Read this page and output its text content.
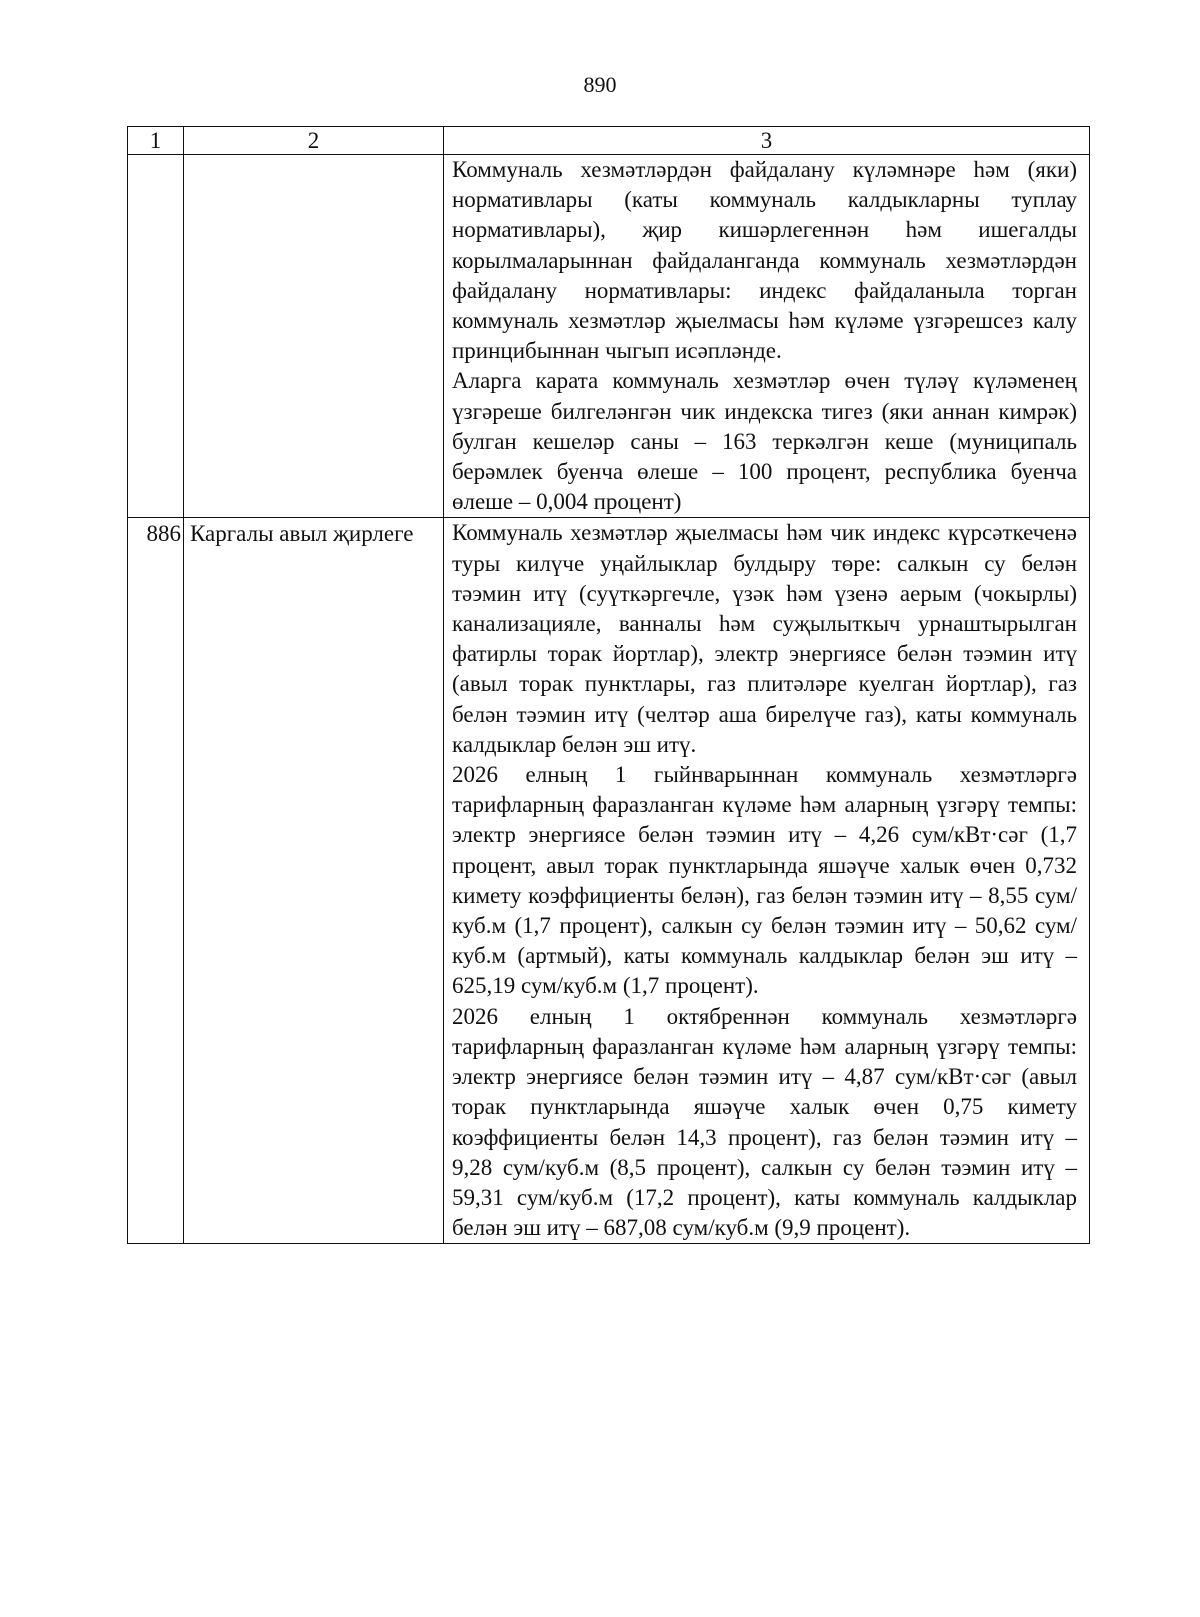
890
1	2	3

		Коммуналь хезмәтләрдән файдалану күләмнәре һәм (яки) нормативлары (каты коммуналь калдыкларны туплау нормативлары), җир кишәрлегеннән һәм ишегалды корылмаларыннан файдаланганда коммуналь хезмәтләрдән файдалану нормативлары: индекс файдаланыла торган коммуналь хезмәтләр җыелмасы һәм күләме үзгәрешсез калу принцибыннан чыгып исәпләнде.

Аларга карата коммуналь хезмәтләр өчен түләү күләменең үзгәреше билгеләнгән чик индекска тигез (яки аннан кимрәк) булган кешеләр саны – 163 теркәлгән кеше (муниципаль берәмлек буенча өлеше – 100 процент, республика буенча өлеше – 0,004 процент)

886	Каргалы авыл җирлеге	Коммуналь хезмәтләр җыелмасы һәм чик индекс күрсәткеченә туры килүче уңайлыклар булдыру төре: салкын су белән тәэмин итү (суүткәргечле, үзәк һәм үзенә аерым (чокырлы) канализацияле, ванналы һәм суҗылыткыч урнаштырылган фатирлы торак йортлар), электр энергиясе белән тәэмин итү (авыл торак пунктлары, газ плитәләре куелган йортлар), газ белән тәэмин итү (челтәр аша бирелүче газ), каты коммуналь калдыклар белән эш итү.

2026 елның 1 гыйнварыннан коммуналь хезмәтләргә тарифларның фаразланган күләме һәм аларның үзгәрү темпы: электр энергиясе белән тәэмин итү – 4,26 сум/кВт·сәг (1,7 процент, авыл торак пунктларында яшәүче халык өчен 0,732 кимету коэффициенты белән), газ белән тәэмин итү – 8,55 сум/куб.м (1,7 процент), салкын су белән тәэмин итү – 50,62 сум/куб.м (артмый), каты коммуналь калдыклар белән эш итү – 625,19 сум/куб.м (1,7 процент).

2026 елның 1 октябреннән коммуналь хезмәтләргә тарифларның фаразланган күләме һәм аларның үзгәрү темпы: электр энергиясе белән тәэмин итү – 4,87 сум/кВт·сәг (авыл торак пунктларында яшәүче халык өчен 0,75 кимету коэффициенты белән 14,3 процент), газ белән тәэмин итү – 9,28 сум/куб.м (8,5 процент), салкын су белән тәэмин итү – 59,31 сум/куб.м (17,2 процент), каты коммуналь калдыклар белән эш итү – 687,08 сум/куб.м (9,9 процент).
